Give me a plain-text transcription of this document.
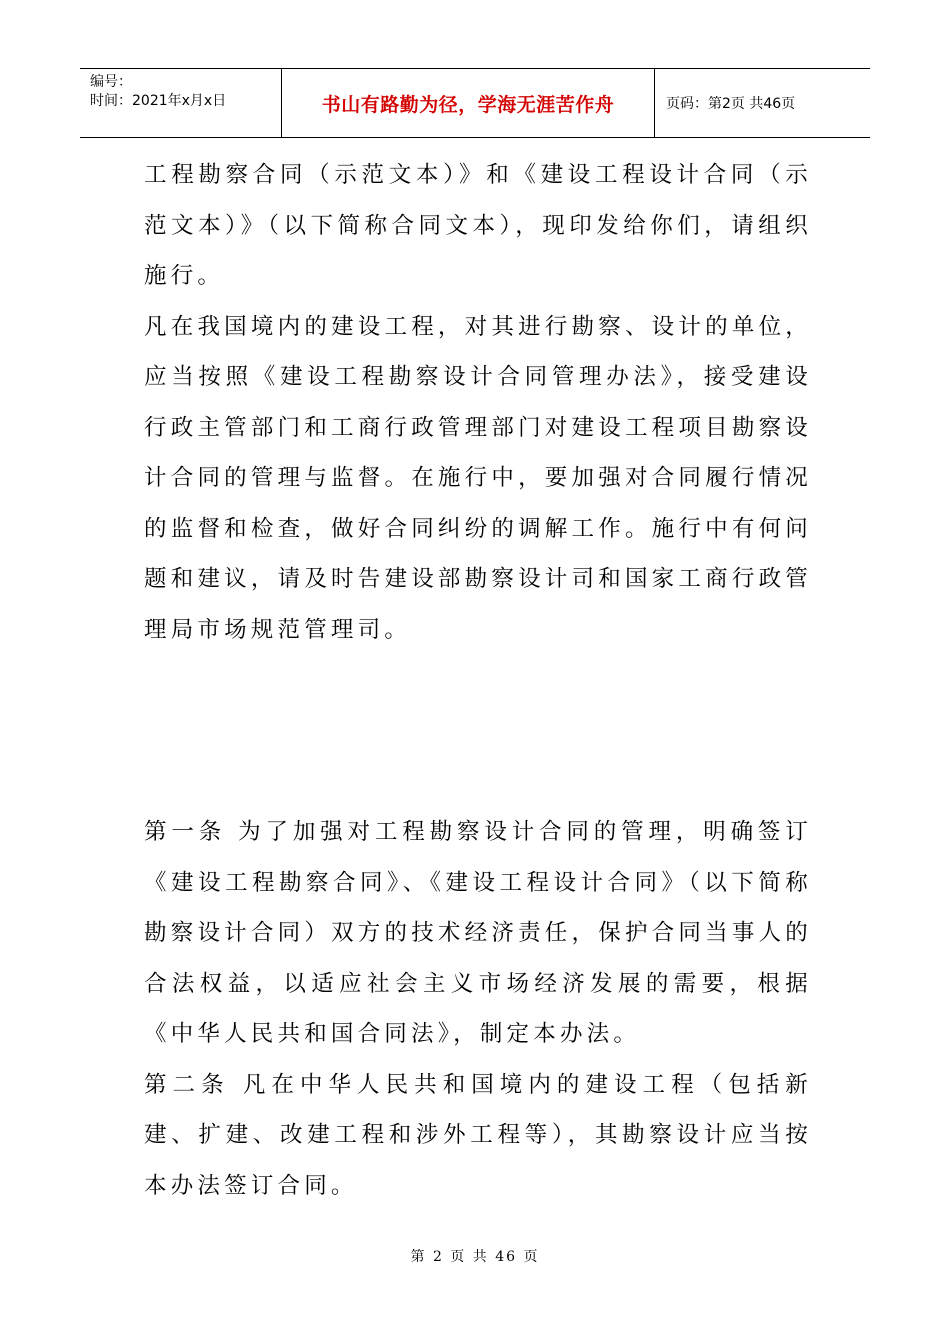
编号：
时间：2021年x月x日	书山有路勤为径，学海无涯苦作舟	页码：第2页 共46页

工程勘察合同（示范文本）》和《建设工程设计合同（示范文本）》（以下简称合同文本），现印发给你们，请组织施行。

凡在我国境内的建设工程，对其进行勘察、设计的单位，应当按照《建设工程勘察设计合同管理办法》，接受建设行政主管部门和工商行政管理部门对建设工程项目勘察设计合同的管理与监督。在施行中，要加强对合同履行情况的监督和检查，做好合同纠纷的调解工作。施行中有何问题和建议，请及时告建设部勘察设计司和国家工商行政管理局市场规范管理司。

第一条 为了加强对工程勘察设计合同的管理，明确签订《建设工程勘察合同》、《建设工程设计合同》（以下简称勘察设计合同）双方的技术经济责任，保护合同当事人的合法权益，以适应社会主义市场经济发展的需要，根据《中华人民共和国合同法》，制定本办法。

第二条 凡在中华人民共和国境内的建设工程（包括新建、扩建、改建工程和涉外工程等），其勘察设计应当按本办法签订合同。

第 2 页 共 46 页
